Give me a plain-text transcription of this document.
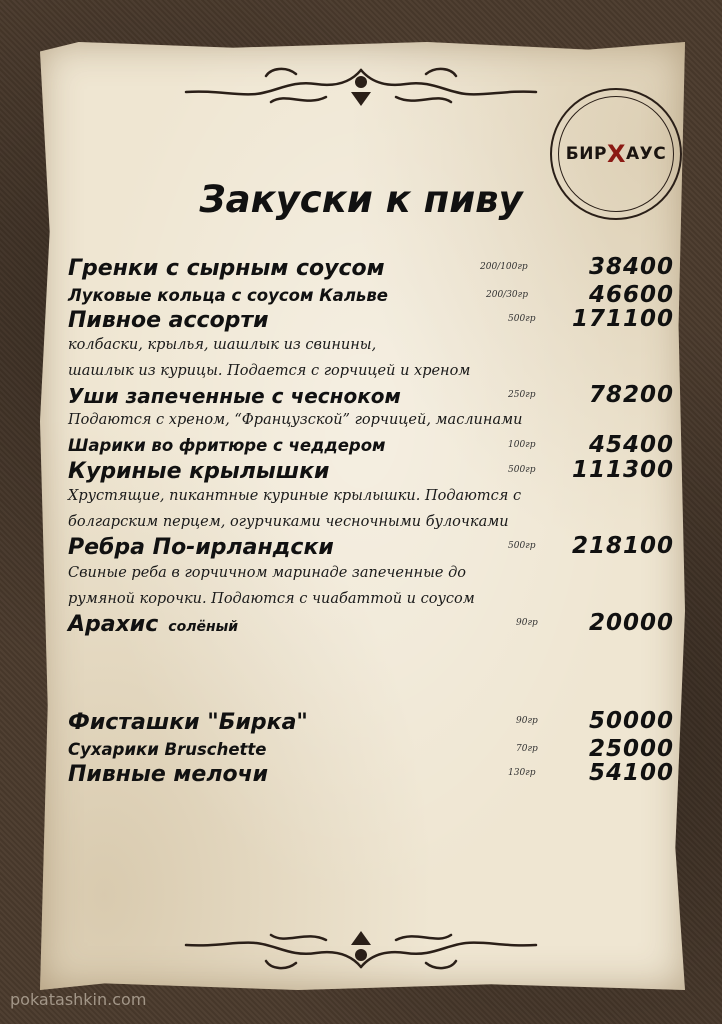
БИР Х АУС
Закуски к пиву
Гренки с сырным соусом	200/100гр	38400
Луковые кольца с соусом Кальве	200/30гр	46600
Пивное ассорти	500гр 171100
колбаски, крылья, шашлык из свинины,
шашлык из курицы. Подается с горчицей и хреном
Уши запеченные с чесноком	250гр 78200
Подаются с хреном, “Французской” горчицей, маслинами
Шарики во фритюре с чеддером	100гр 45400
Куриные крылышки	500гр 111300
Хрустящие, пикантные куриные крылышки. Подаются с
болгарским перцем, огурчиками чесночными булочками
Ребра По-ирландски	500гр 218100
Свиные реба в горчичном маринаде запеченные до
румяной корочки. Подаются с чиабаттой и соусом
Арахис солёный	90гр 20000
Фисташки "Бирка"	90гр 50000
Сухарики Bruschette	70гр 25000
Пивные мелочи	130гр 54100
pokatashkin.com
